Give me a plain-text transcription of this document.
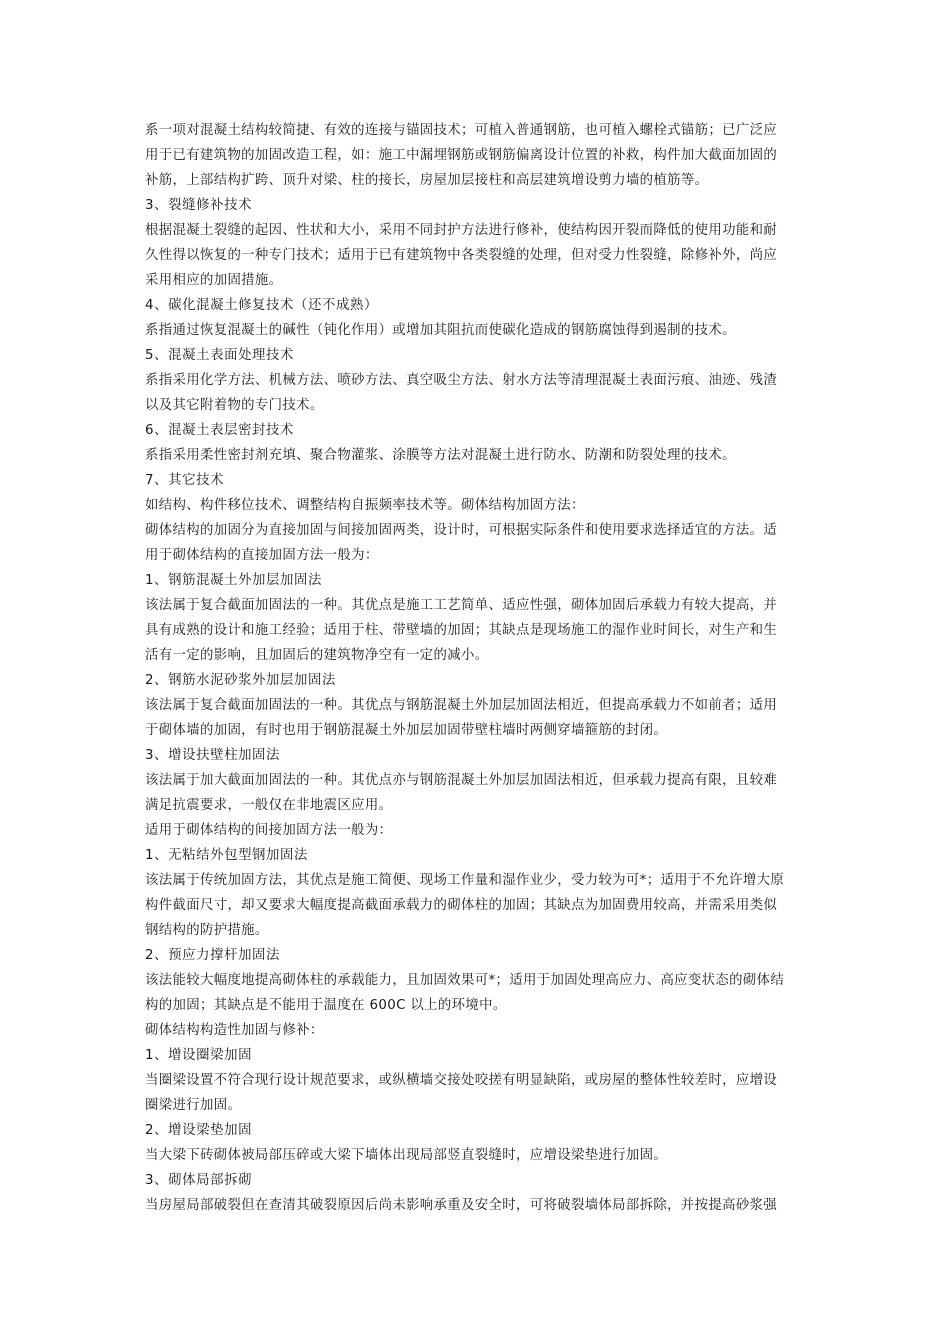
系一项对混凝土结构较简捷、有效的连接与锚固技术；可植入普通钢筋，也可植入螺栓式锚筋；已广泛应
用于已有建筑物的加固改造工程，如：施工中漏埋钢筋或钢筋偏离设计位置的补救，构件加大截面加固的
补筋，上部结构扩跨、顶升对梁、柱的接长，房屋加层接柱和高层建筑增设剪力墙的植筋等。
3、裂缝修补技术
根据混凝土裂缝的起因、性状和大小，采用不同封护方法进行修补，使结构因开裂而降低的使用功能和耐
久性得以恢复的一种专门技术；适用于已有建筑物中各类裂缝的处理，但对受力性裂缝，除修补外，尚应
采用相应的加固措施。
4、碳化混凝土修复技术（还不成熟）
系指通过恢复混凝土的碱性（钝化作用）或增加其阻抗而使碳化造成的钢筋腐蚀得到遏制的技术。
5、混凝土表面处理技术
系指采用化学方法、机械方法、喷砂方法、真空吸尘方法、射水方法等清理混凝土表面污痕、油迹、残渣
以及其它附着物的专门技术。
6、混凝土表层密封技术
系指采用柔性密封剂充填、聚合物灌浆、涂膜等方法对混凝土进行防水、防潮和防裂处理的技术。
7、其它技术
如结构、构件移位技术、调整结构自振频率技术等。砌体结构加固方法：
砌体结构的加固分为直接加固与间接加固两类，设计时，可根据实际条件和使用要求选择适宜的方法。适
用于砌体结构的直接加固方法一般为：
1、钢筋混凝土外加层加固法
该法属于复合截面加固法的一种。其优点是施工工艺简单、适应性强，砌体加固后承载力有较大提高，并
具有成熟的设计和施工经验；适用于柱、带壁墙的加固；其缺点是现场施工的湿作业时间长，对生产和生
活有一定的影响，且加固后的建筑物净空有一定的减小。
2、钢筋水泥砂浆外加层加固法
该法属于复合截面加固法的一种。其优点与钢筋混凝土外加层加固法相近，但提高承载力不如前者；适用
于砌体墙的加固，有时也用于钢筋混凝土外加层加固带壁柱墙时两侧穿墙箍筋的封闭。
3、增设扶壁柱加固法
该法属于加大截面加固法的一种。其优点亦与钢筋混凝土外加层加固法相近，但承载力提高有限，且较难
满足抗震要求，一般仅在非地震区应用。
适用于砌体结构的间接加固方法一般为：
1、无粘结外包型钢加固法
该法属于传统加固方法，其优点是施工简便、现场工作量和湿作业少，受力较为可*；适用于不允许增大原
构件截面尺寸，却又要求大幅度提高截面承载力的砌体柱的加固；其缺点为加固费用较高，并需采用类似
钢结构的防护措施。
2、预应力撑杆加固法
该法能较大幅度地提高砌体柱的承载能力，且加固效果可*；适用于加固处理高应力、高应变状态的砌体结
构的加固；其缺点是不能用于温度在 600C 以上的环境中。
砌体结构构造性加固与修补：
1、增设圈梁加固
当圈梁设置不符合现行设计规范要求，或纵横墙交接处咬搓有明显缺陷，或房屋的整体性较差时，应增设
圈梁进行加固。
2、增设梁垫加固
当大梁下砖砌体被局部压碎或大梁下墙体出现局部竖直裂缝时，应增设梁垫进行加固。
3、砌体局部拆砌
当房屋局部破裂但在查清其破裂原因后尚未影响承重及安全时，可将破裂墙体局部拆除，并按提高砂浆强
